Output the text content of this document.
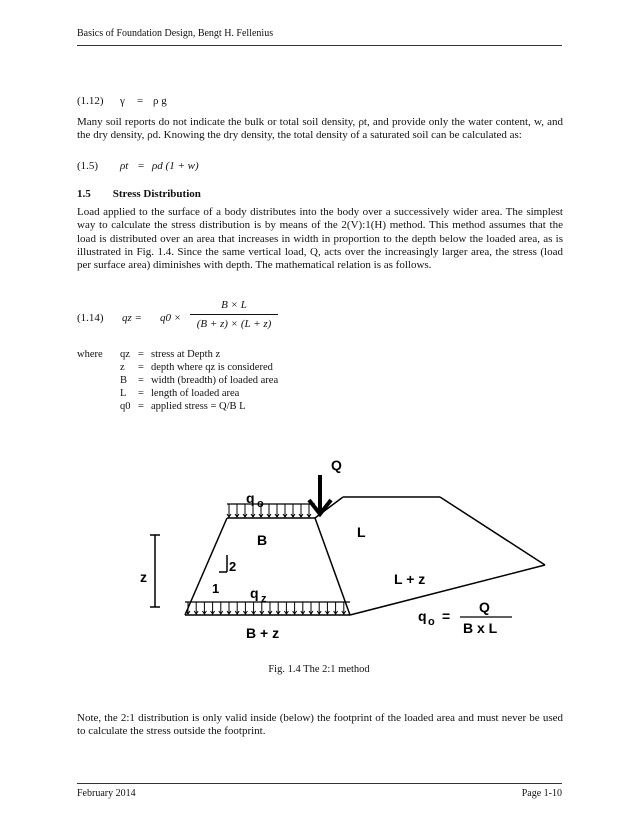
Basics of Foundation Design, Bengt H. Fellenius
(1.12) γ = ρ g
Many soil reports do not indicate the bulk or total soil density, ρt, and provide only the water content, w, and the dry density, ρd. Knowing the dry density, the total density of a saturated soil can be calculated as:
(1.5) ρt = ρd (1 + w)
1.5 Stress Distribution
Load applied to the surface of a body distributes into the body over a successively wider area. The simplest way to calculate the stress distribution is by means of the 2(V):1(H) method. This method assumes that the load is distributed over an area that increases in width in proportion to the depth below the loaded area, as is illustrated in Fig. 1.4. Since the same vertical load, Q, acts over the increasingly larger area, the stress (load per surface area) diminishes with depth. The mathematical relation is as follows.
(1.14) qz = q0 ×
B × L
(B + z) × (L + z)
where qz = stress at Depth z
z = depth where qz is considered
B = width (breadth) of loaded area
L = length of loaded area
q0 = applied stress = Q/B L
Q
q o
B	L
z
2
1 q z
B + z
L + z
q o =
Q
B x L
Fig. 1.4 The 2:1 method
Note, the 2:1 distribution is only valid inside (below) the footprint of the loaded area and must never be used to calculate the stress outside the footprint.
February 2014	Page 1-10
